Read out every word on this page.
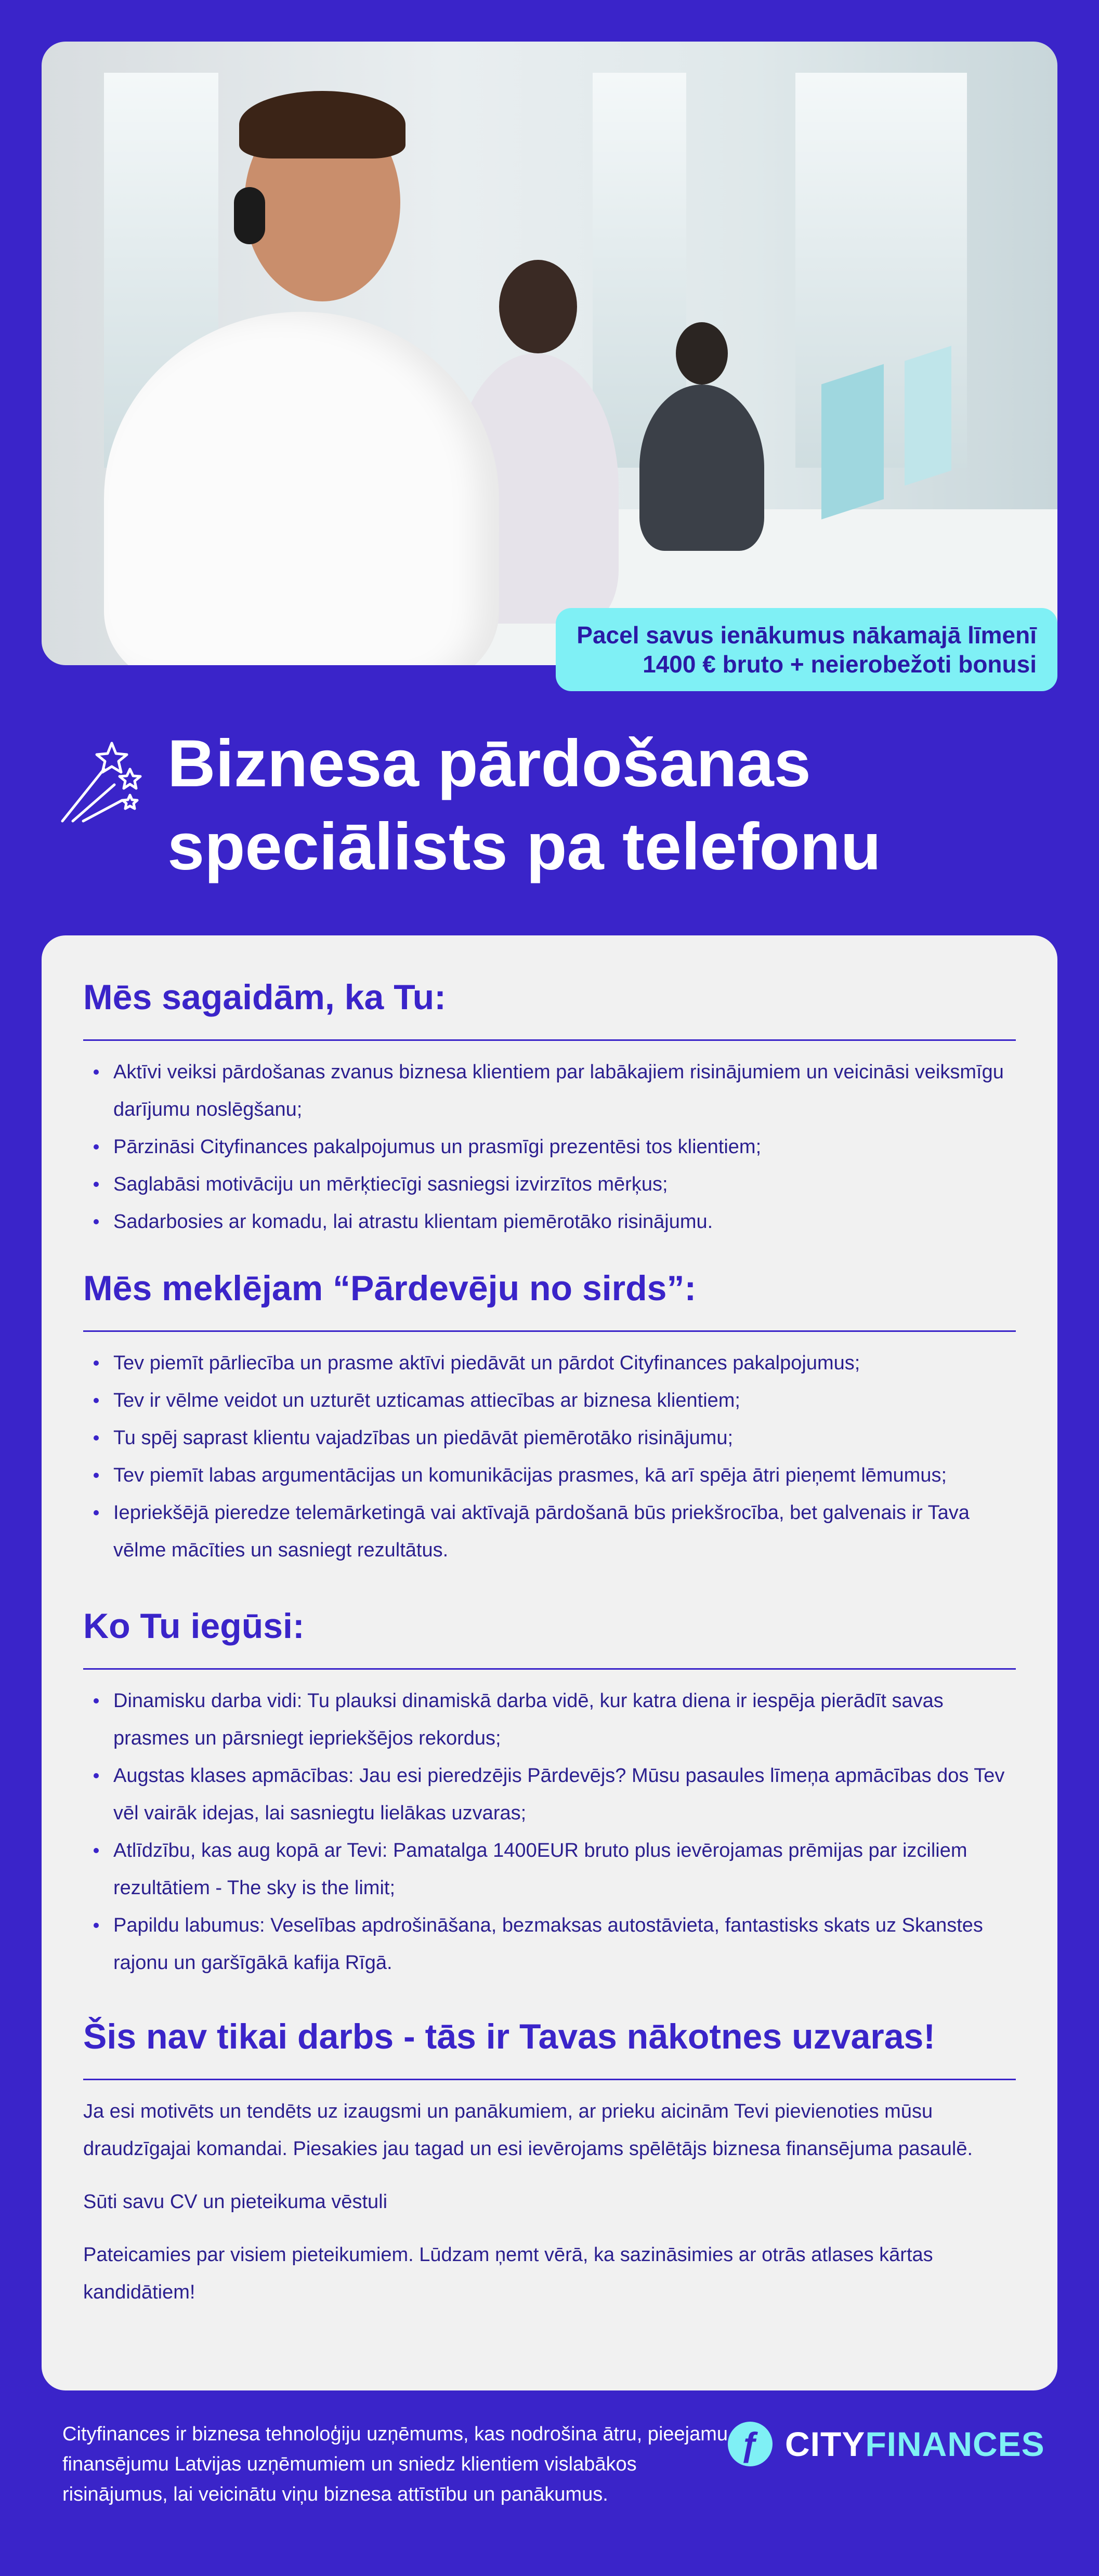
Pacel savus ienākumus nākamajā līmenī
1400 € bruto + neierobežoti bonusi
Biznesa pārdošanas
speciālists pa telefonu
Mēs sagaidām, ka Tu:
Aktīvi veiksi pārdošanas zvanus biznesa klientiem par labākajiem risinājumiem un veicināsi veiksmīgu darījumu noslēgšanu;
Pārzināsi Cityfinances pakalpojumus un prasmīgi prezentēsi tos klientiem;
Saglabāsi motivāciju un mērķtiecīgi sasniegsi izvirzītos mērķus;
Sadarbosies ar komadu, lai atrastu klientam piemērotāko risinājumu.
Mēs meklējam “Pārdevēju no sirds”:
Tev piemīt pārliecība un prasme aktīvi piedāvāt un pārdot Cityfinances pakalpojumus;
Tev ir vēlme veidot un uzturēt uzticamas attiecības ar biznesa klientiem;
Tu spēj saprast klientu vajadzības un piedāvāt piemērotāko risinājumu;
Tev piemīt labas argumentācijas un komunikācijas prasmes, kā arī spēja ātri pieņemt lēmumus;
Iepriekšējā pieredze telemārketingā vai aktīvajā pārdošanā būs priekšrocība, bet galvenais ir Tava vēlme mācīties un sasniegt rezultātus.
Ko Tu iegūsi:
Dinamisku darba vidi: Tu plauksi dinamiskā darba vidē, kur katra diena ir iespēja pierādīt savas prasmes un pārsniegt iepriekšējos rekordus;
Augstas klases apmācības: Jau esi pieredzējis Pārdevējs? Mūsu pasaules līmeņa apmācības dos Tev vēl vairāk idejas, lai sasniegtu lielākas uzvaras;
Atlīdzību, kas aug kopā ar Tevi: Pamatalga 1400EUR bruto plus ievērojamas prēmijas par izciliem rezultātiem - The sky is the limit;
Papildu labumus: Veselības apdrošināšana, bezmaksas autostāvieta, fantastisks skats uz Skanstes rajonu un garšīgākā kafija Rīgā.
Šis nav tikai darbs - tās ir Tavas nākotnes uzvaras!

Ja esi motivēts un tendēts uz izaugsmi un panākumiem, ar prieku aicinām Tevi pievienoties mūsu draudzīgajai komandai. Piesakies jau tagad un esi ievērojams spēlētājs biznesa finansējuma pasaulē.

Sūti savu CV un pieteikuma vēstuli

Pateicamies par visiem pieteikumiem. Lūdzam ņemt vērā, ka sazināsimies ar otrās atlases kārtas kandidātiem!

Cityfinances ir biznesa tehnoloģiju uzņēmums, kas nodrošina ātru, pieejamu finansējumu Latvijas uzņēmumiem un sniedz klientiem vislabākos risinājumus, lai veicinātu viņu biznesa attīstību un panākumus.
ƒ CITYFINANCES
